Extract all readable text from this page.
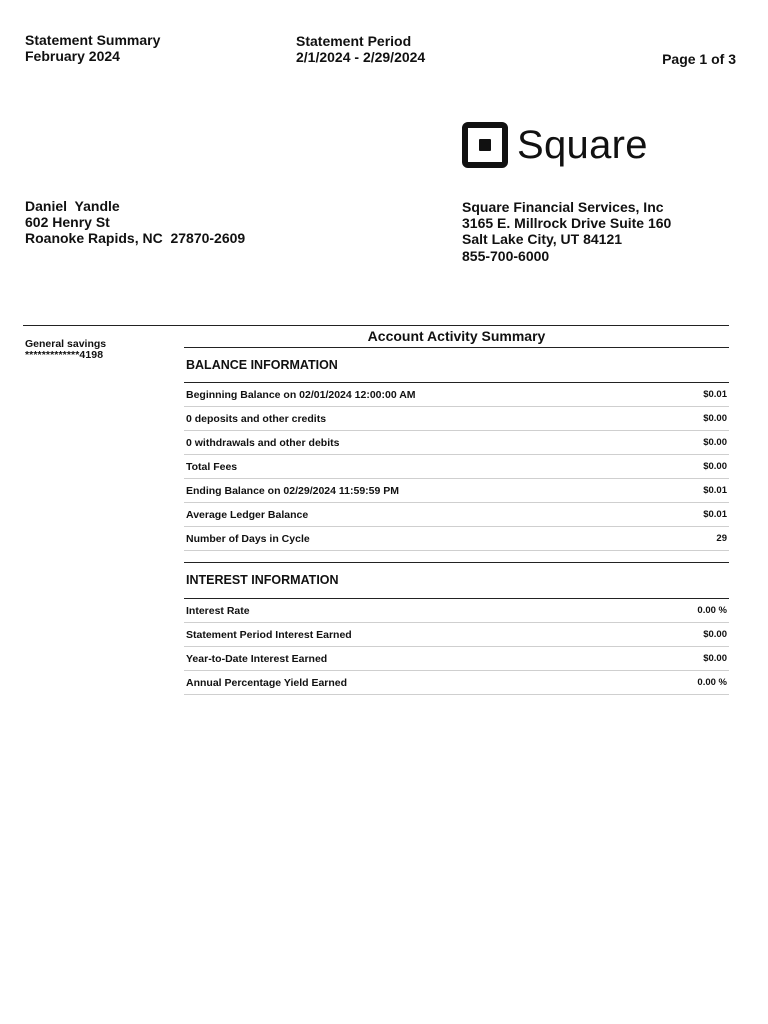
Statement Summary
February 2024
Statement Period
2/1/2024 - 2/29/2024	Page 1 of 3
Square
Daniel  Yandle
602 Henry St
Roanoke Rapids, NC  27870-2609
Square Financial Services, Inc
3165 E. Millrock Drive Suite 160
Salt Lake City, UT 84121
855-700-6000
General savings
*************4198
Account Activity Summary
BALANCE INFORMATION
Beginning Balance on 02/01/2024 12:00:00 AM	$0.01
0 deposits and other credits	$0.00
0 withdrawals and other debits	$0.00
Total Fees	$0.00
Ending Balance on 02/29/2024 11:59:59 PM	$0.01
Average Ledger Balance	$0.01
Number of Days in Cycle	29
INTEREST INFORMATION
Interest Rate	0.00 %
Statement Period Interest Earned	$0.00
Year-to-Date Interest Earned	$0.00
Annual Percentage Yield Earned	0.00 %
